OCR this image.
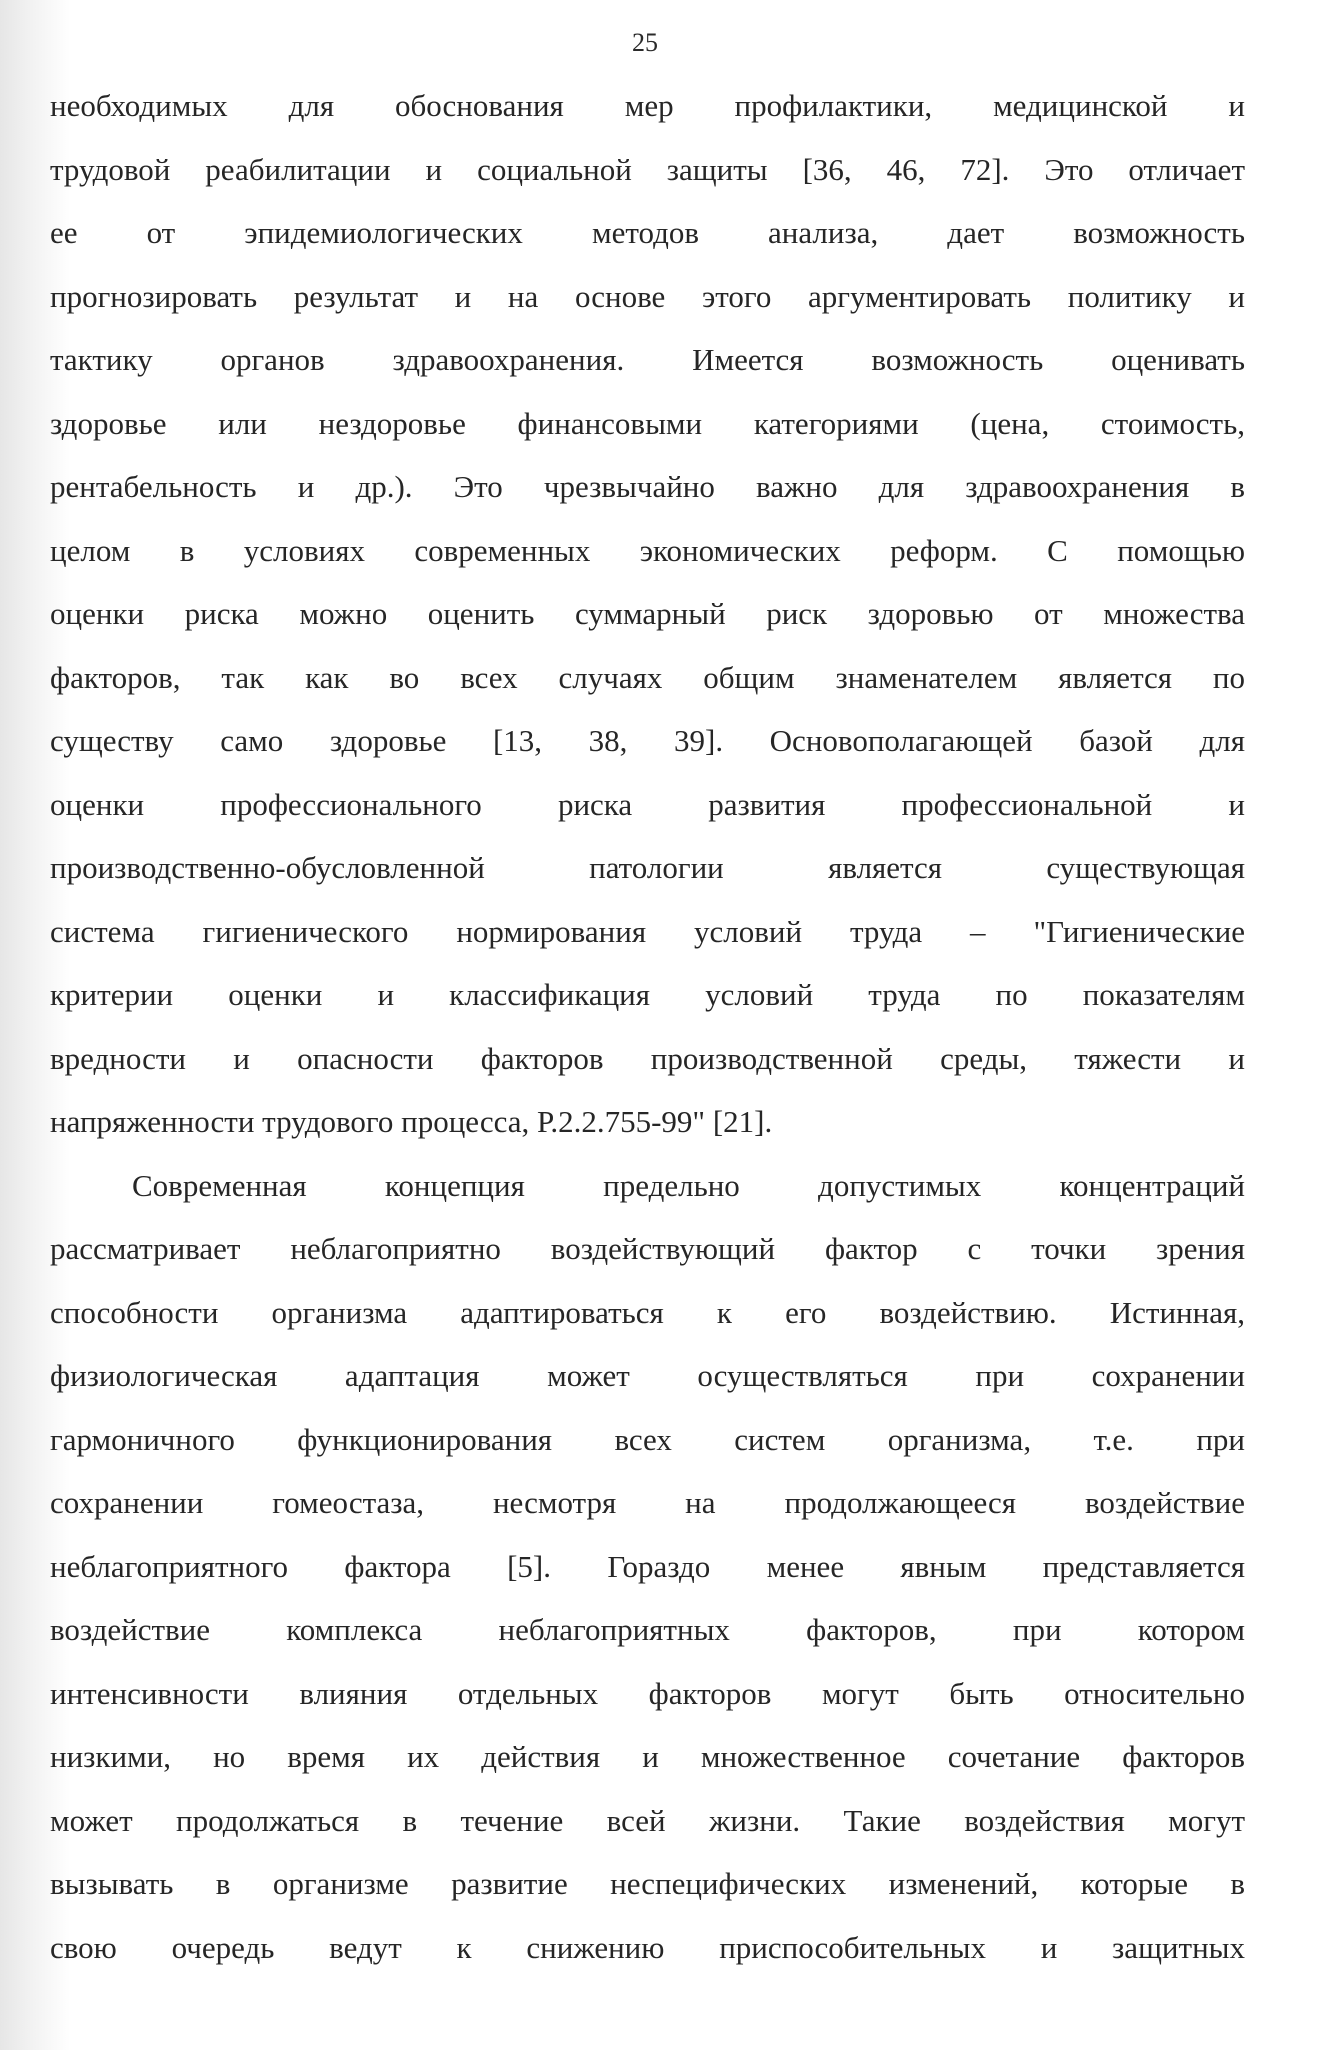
25
необходимых для обоснования мер профилактики, медицинской и
трудовой реабилитации и социальной защиты [36, 46, 72]. Это отличает
ее от эпидемиологических методов анализа, дает возможность
прогнозировать результат и на основе этого аргументировать политику и
тактику органов здравоохранения. Имеется возможность оценивать
здоровье или нездоровье финансовыми категориями (цена, стоимость,
рентабельность и др.). Это чрезвычайно важно для здравоохранения в
целом в условиях современных экономических реформ. С помощью
оценки риска можно оценить суммарный риск здоровью от множества
факторов, так как во всех случаях общим знаменателем является по
существу само здоровье [13, 38, 39]. Основополагающей базой для
оценки профессионального риска развития профессиональной и
производственно-обусловленной патологии является существующая
система гигиенического нормирования условий труда – "Гигиенические
критерии оценки и классификация условий труда по показателям
вредности и опасности факторов производственной среды, тяжести и
напряженности трудового процесса, Р.2.2.755-99" [21].
Современная концепция предельно допустимых концентраций
рассматривает неблагоприятно воздействующий фактор с точки зрения
способности организма адаптироваться к его воздействию. Истинная,
физиологическая адаптация может осуществляться при сохранении
гармоничного функционирования всех систем организма, т.е. при
сохранении гомеостаза, несмотря на продолжающееся воздействие
неблагоприятного фактора [5]. Гораздо менее явным представляется
воздействие комплекса неблагоприятных факторов, при котором
интенсивности влияния отдельных факторов могут быть относительно
низкими, но время их действия и множественное сочетание факторов
может продолжаться в течение всей жизни. Такие воздействия могут
вызывать в организме развитие неспецифических изменений, которые в
свою очередь ведут к снижению приспособительных и защитных
